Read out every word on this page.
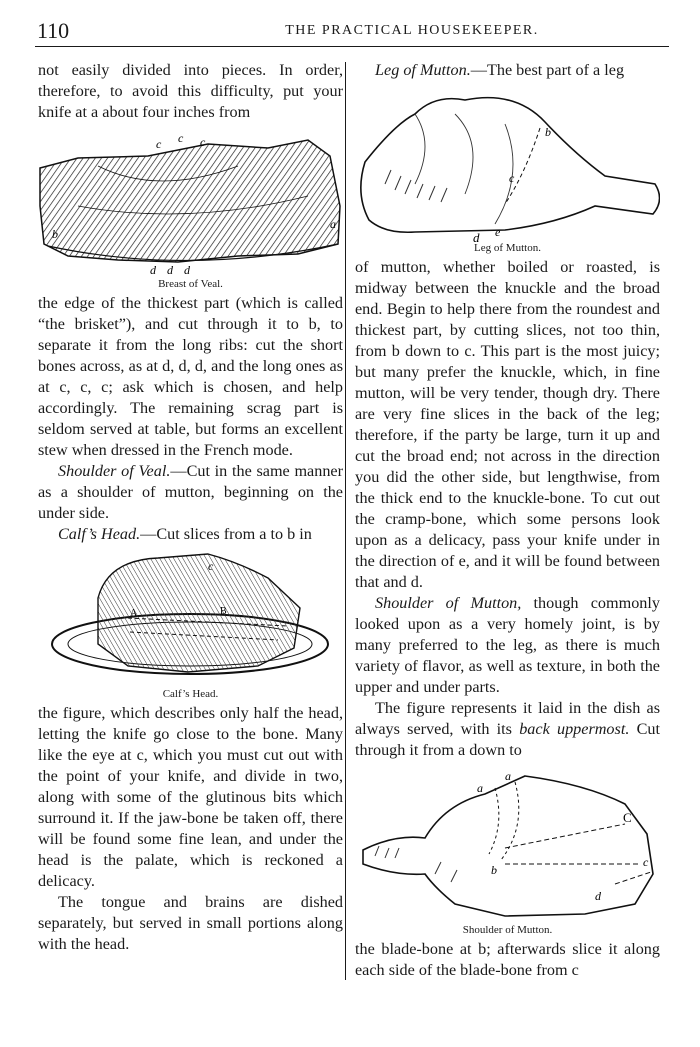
110	THE PRACTICAL HOUSEKEEPER.

not easily divided into pieces. In order, therefore, to avoid this difficulty, put your knife at a about four inches from

c c c
b
a
d d d
Breast of Veal.

the edge of the thickest part (which is called “the brisket”), and cut through it to b, to separate it from the long ribs: cut the short bones across, as at d, d, d, and the long ones as at c, c, c; ask which is chosen, and help accordingly. The remaining scrag part is seldom served at table, but forms an excellent stew when dressed in the French mode.

Shoulder of Veal.—Cut in the same manner as a shoulder of mutton, beginning on the under side.

Calf’s Head.—Cut slices from a to b in

c
A	B
Calf’s Head.

the figure, which describes only half the head, letting the knife go close to the bone. Many like the eye at c, which you must cut out with the point of your knife, and divide in two, along with some of the glutinous bits which surround it. If the jaw-bone be taken off, there will be found some fine lean, and under the head is the palate, which is reckoned a delicacy.

The tongue and brains are dished separately, but served in small portions along with the head.

Leg of Mutton.—The best part of a leg

b
c
d e
Leg of Mutton.

of mutton, whether boiled or roasted, is midway between the knuckle and the broad end. Begin to help there from the roundest and thickest part, by cutting slices, not too thin, from b down to c. This part is the most juicy; but many prefer the knuckle, which, in fine mutton, will be very tender, though dry. There are very fine slices in the back of the leg; therefore, if the party be large, turn it up and cut the broad end; not across in the direction you did the other side, but lengthwise, from the thick end to the knuckle-bone. To cut out the cramp-bone, which some persons look upon as a delicacy, pass your knife under in the direction of e, and it will be found between that and d.

Shoulder of Mutton, though commonly looked upon as a very homely joint, is by many preferred to the leg, as there is much variety of flavor, as well as texture, in both the upper and under parts.

The figure represents it laid in the dish as always served, with its back uppermost. Cut through it from a down to

a
a
b
C
c
d
Shoulder of Mutton.

the blade-bone at b; afterwards slice it along each side of the blade-bone from c
